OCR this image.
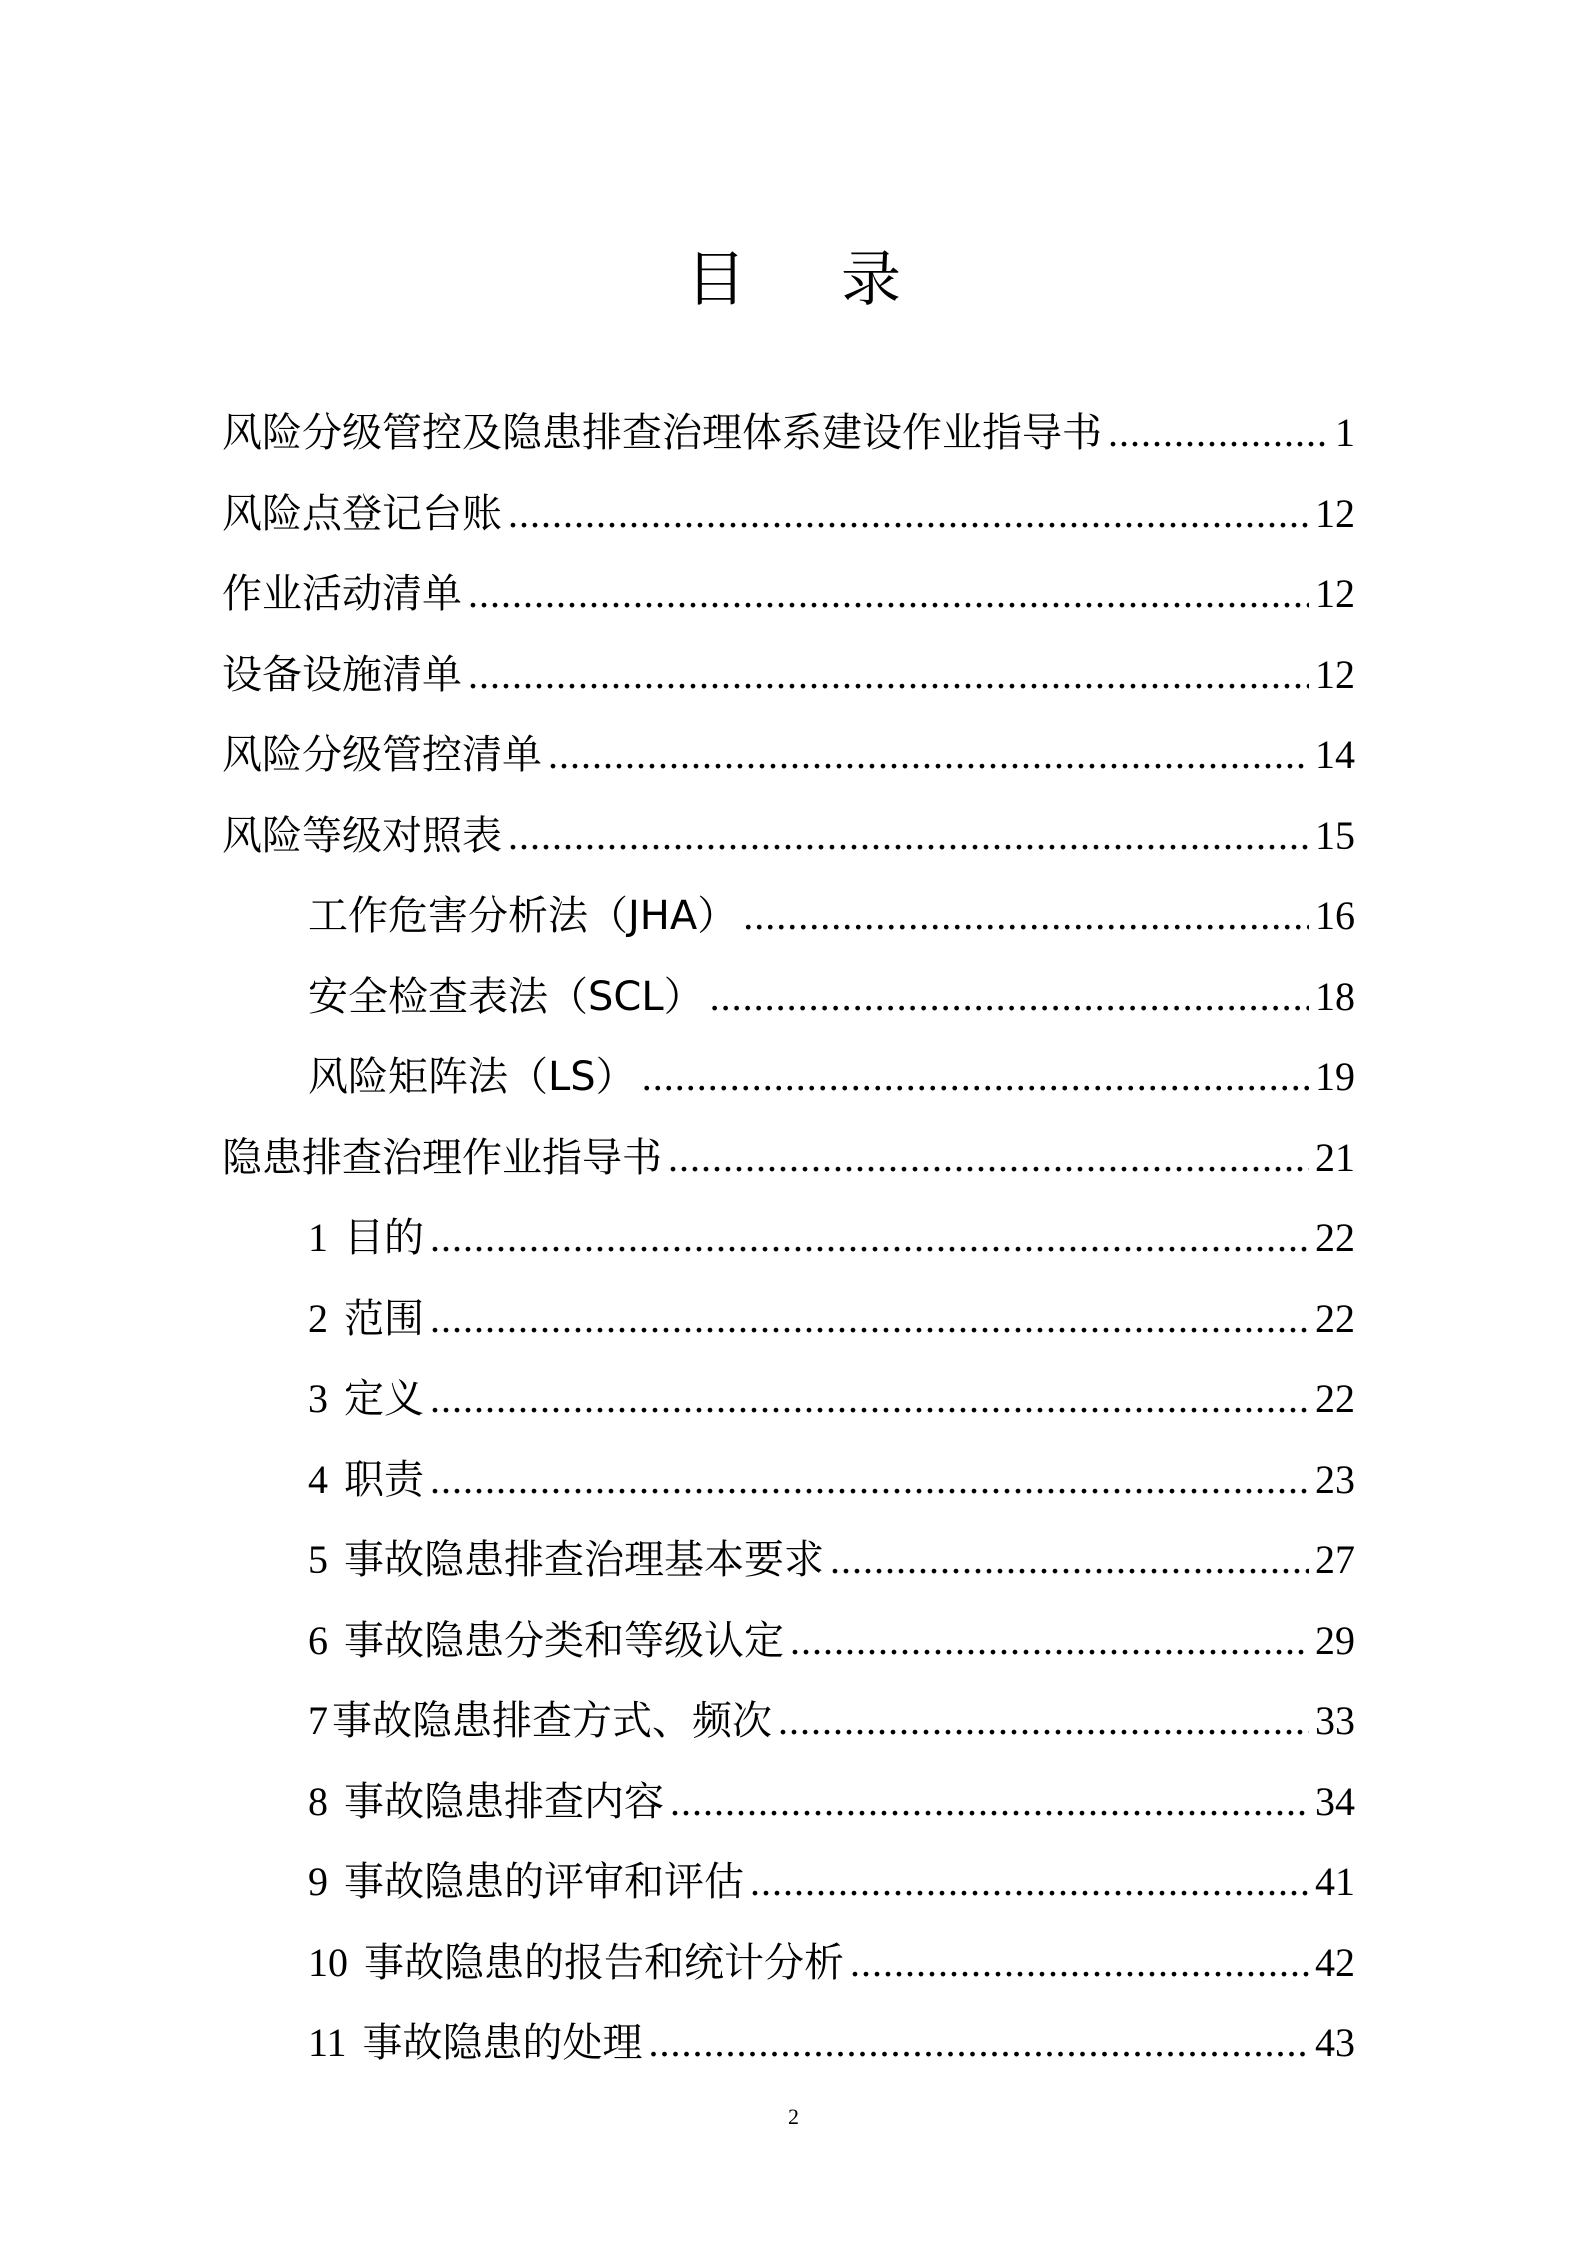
目 录
风险分级管控及隐患排查治理体系建设作业指导书 .....	1
风险点登记台账 .....	12
作业活动清单 .....	12
设备设施清单 .....	12
风险分级管控清单 .....	14
风险等级对照表 .....	15
工作危害分析法（JHA） .....	16
安全检查表法（SCL） .....	18
风险矩阵法（LS） .....	19
隐患排查治理作业指导书 .....	21
1 目的 .....	22
2 范围 .....	22
3 定义 .....	22
4 职责 .....	23
5 事故隐患排查治理基本要求 .....	27
6 事故隐患分类和等级认定 .....	29
7 事故隐患排查方式、频次 .....	33
8 事故隐患排查内容 .....	34
9 事故隐患的评审和评估 .....	41
10 事故隐患的报告和统计分析 .....	42
11 事故隐患的处理 .....	43
2
